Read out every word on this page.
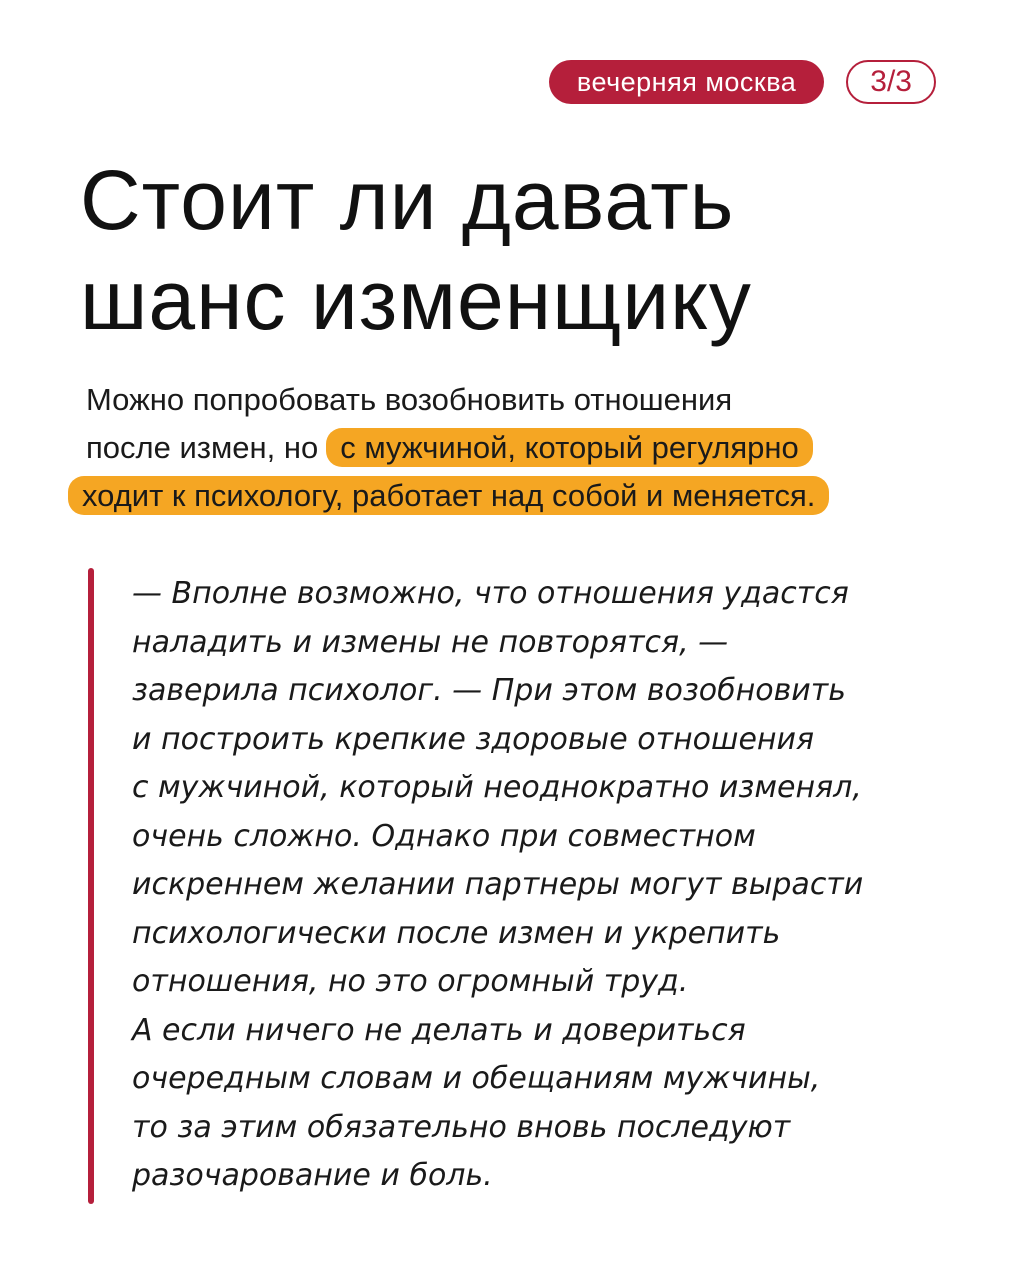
вечерняя москва	3/3
Стоит ли давать
шанс изменщику

Можно попробовать возобновить отношения
после измен, но с мужчиной, который регулярно
ходит к психологу, работает над собой и меняется.

— Вполне возможно, что отношения удастся
наладить и измены не повторятся, —
заверила психолог. — При этом возобновить
и построить крепкие здоровые отношения
с мужчиной, который неоднократно изменял,
очень сложно. Однако при совместном
искреннем желании партнеры могут вырасти
психологически после измен и укрепить
отношения, но это огромный труд.
А если ничего не делать и довериться
очередным словам и обещаниям мужчины,
то за этим обязательно вновь последуют
разочарование и боль.
